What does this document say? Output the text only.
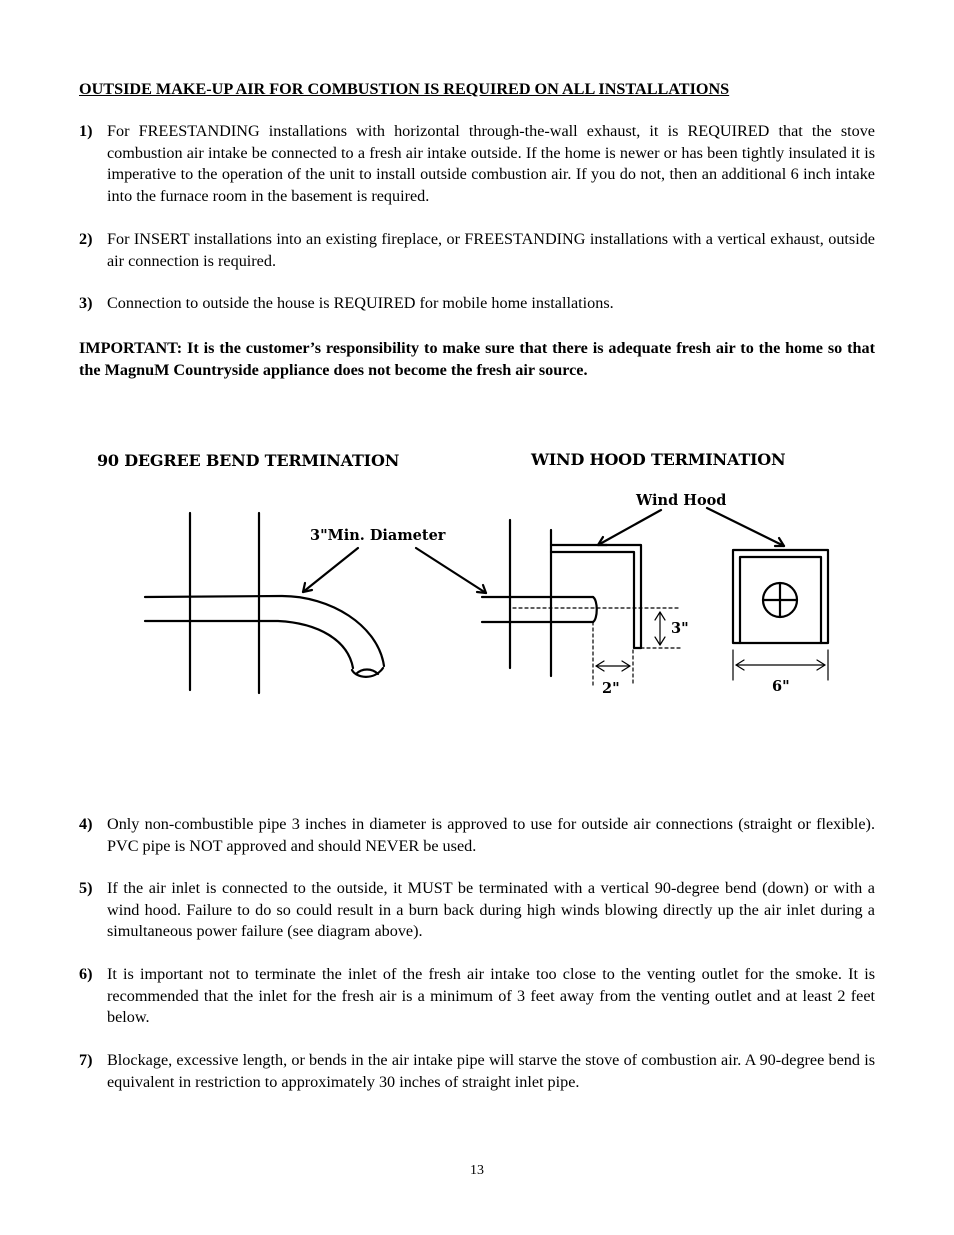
OUTSIDE MAKE-UP AIR FOR COMBUSTION IS REQUIRED ON ALL INSTALLATIONS
1) For FREESTANDING installations with horizontal through-the-wall exhaust, it is REQUIRED that the stove combustion air intake be connected to a fresh air intake outside. If the home is newer or has been tightly insulated it is imperative to the operation of the unit to install outside combustion air. If you do not, then an additional 6 inch intake into the furnace room in the basement is required.
2) For INSERT installations into an existing fireplace, or FREESTANDING installations with a vertical exhaust, outside air connection is required.
3) Connection to outside the house is REQUIRED for mobile home installations.
IMPORTANT: It is the customer’s responsibility to make sure that there is adequate fresh air to the home so that the MagnuM Countryside appliance does not become the fresh air source.
90 DEGREE BEND TERMINATION	WIND HOOD TERMINATION
3"Min. Diameter
Wind Hood
3"
2"	6"
4) Only non-combustible pipe 3 inches in diameter is approved to use for outside air connections (straight or flexible). PVC pipe is NOT approved and should NEVER be used.
5) If the air inlet is connected to the outside, it MUST be terminated with a vertical 90-degree bend (down) or with a wind hood. Failure to do so could result in a burn back during high winds blowing directly up the air inlet during a simultaneous power failure (see diagram above).
6) It is important not to terminate the inlet of the fresh air intake too close to the venting outlet for the smoke. It is recommended that the inlet for the fresh air is a minimum of 3 feet away from the venting outlet and at least 2 feet below.
7) Blockage, excessive length, or bends in the air intake pipe will starve the stove of combustion air. A 90-degree bend is equivalent in restriction to approximately 30 inches of straight inlet pipe.
13
